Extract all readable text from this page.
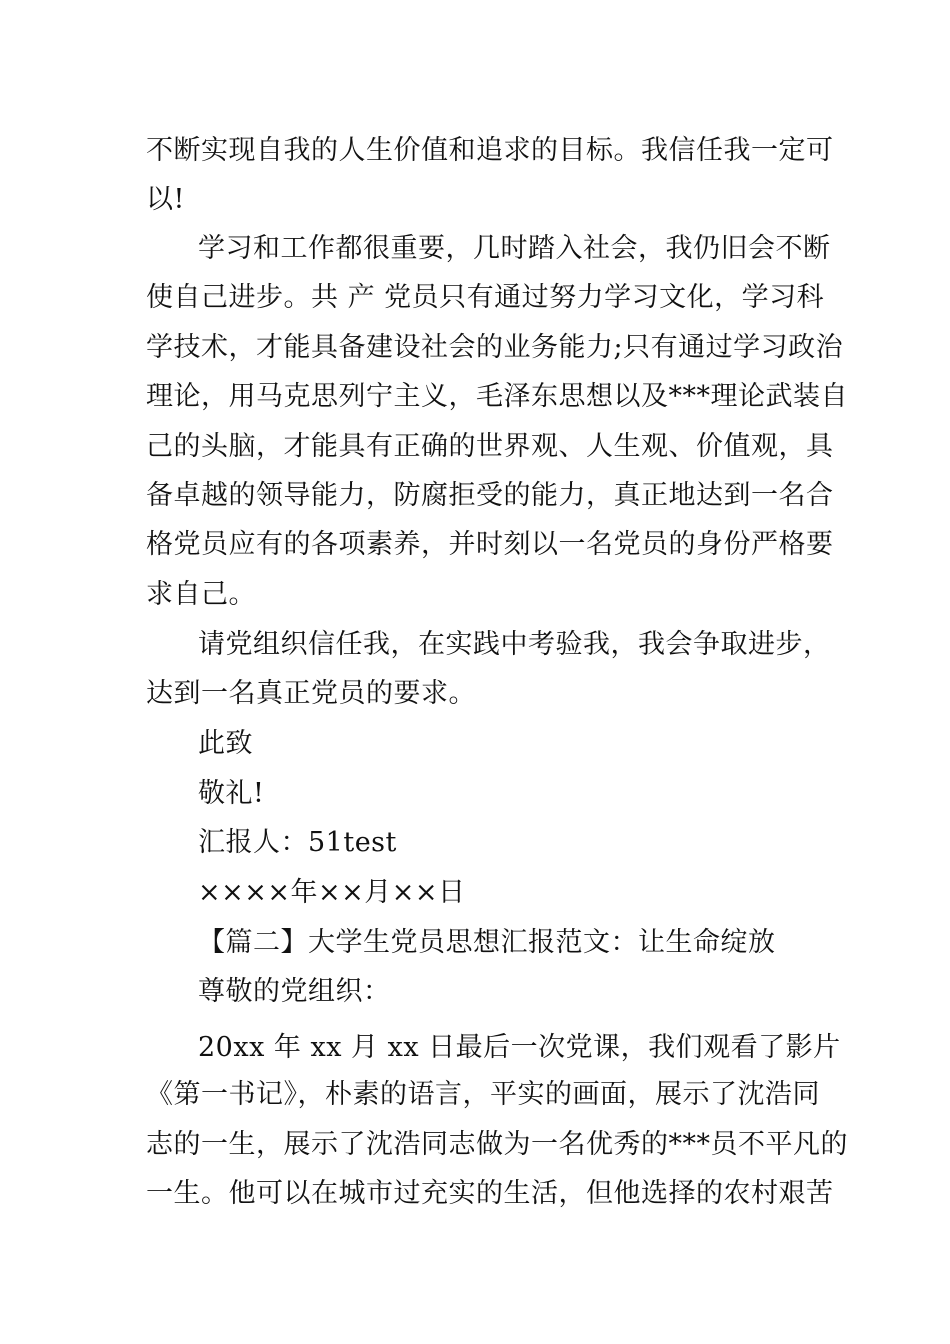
不断实现自我的人生价值和追求的目标。我信任我一定可
以!
学习和工作都很重要，几时踏入社会，我仍旧会不断
使自己进步。共 产 党员只有通过努力学习文化，学习科
学技术，才能具备建设社会的业务能力;只有通过学习政治
理论，用马克思列宁主义，毛泽东思想以及***理论武装自
己的头脑，才能具有正确的世界观、人生观、价值观，具
备卓越的领导能力，防腐拒受的能力，真正地达到一名合
格党员应有的各项素养，并时刻以一名党员的身份严格要
求自己。
请党组织信任我，在实践中考验我，我会争取进步，
达到一名真正党员的要求。
此致
敬礼!
汇报人：51test
××××年××月××日
【篇二】大学生党员思想汇报范文：让生命绽放
尊敬的党组织：
20xx 年 xx 月 xx 日最后一次党课，我们观看了影片
《第一书记》，朴素的语言，平实的画面，展示了沈浩同
志的一生，展示了沈浩同志做为一名优秀的***员不平凡的
一生。他可以在城市过充实的生活，但他选择的农村艰苦
